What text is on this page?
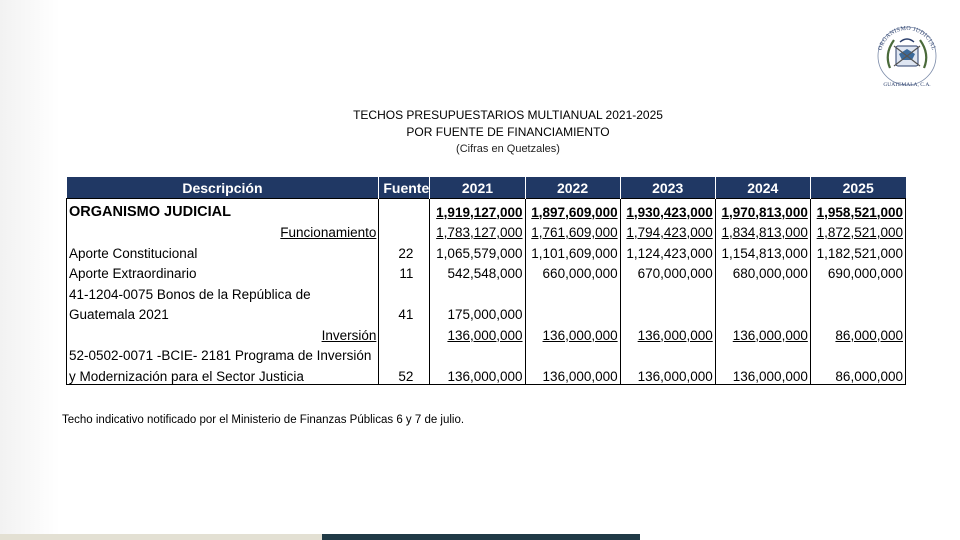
ORGANISMO JUDICIAL
GUATEMALA, C.A.
TECHOS PRESUPUESTARIOS MULTIANUAL 2021-2025
POR FUENTE DE FINANCIAMIENTO
(Cifras en Quetzales)
Descripción	Fuente	2021	2022	2023	2024	2025
ORGANISMO JUDICIAL		1,919,127,000	1,897,609,000	1,930,423,000	1,970,813,000	1,958,521,000
Funcionamiento		1,783,127,000	1,761,609,000	1,794,423,000	1,834,813,000	1,872,521,000
Aporte Constitucional	22	1,065,579,000	1,101,609,000	1,124,423,000	1,154,813,000	1,182,521,000
Aporte Extraordinario	11	542,548,000	660,000,000	670,000,000	680,000,000	690,000,000
41-1204-0075 Bonos de la República de						
Guatemala 2021	41	175,000,000				
Inversión		136,000,000	136,000,000	136,000,000	136,000,000	86,000,000
52-0502-0071 -BCIE- 2181 Programa de Inversión						
y Modernización para el Sector Justicia	52	136,000,000	136,000,000	136,000,000	136,000,000	86,000,000
Techo indicativo notificado por el Ministerio de Finanzas Públicas 6 y 7 de julio.
